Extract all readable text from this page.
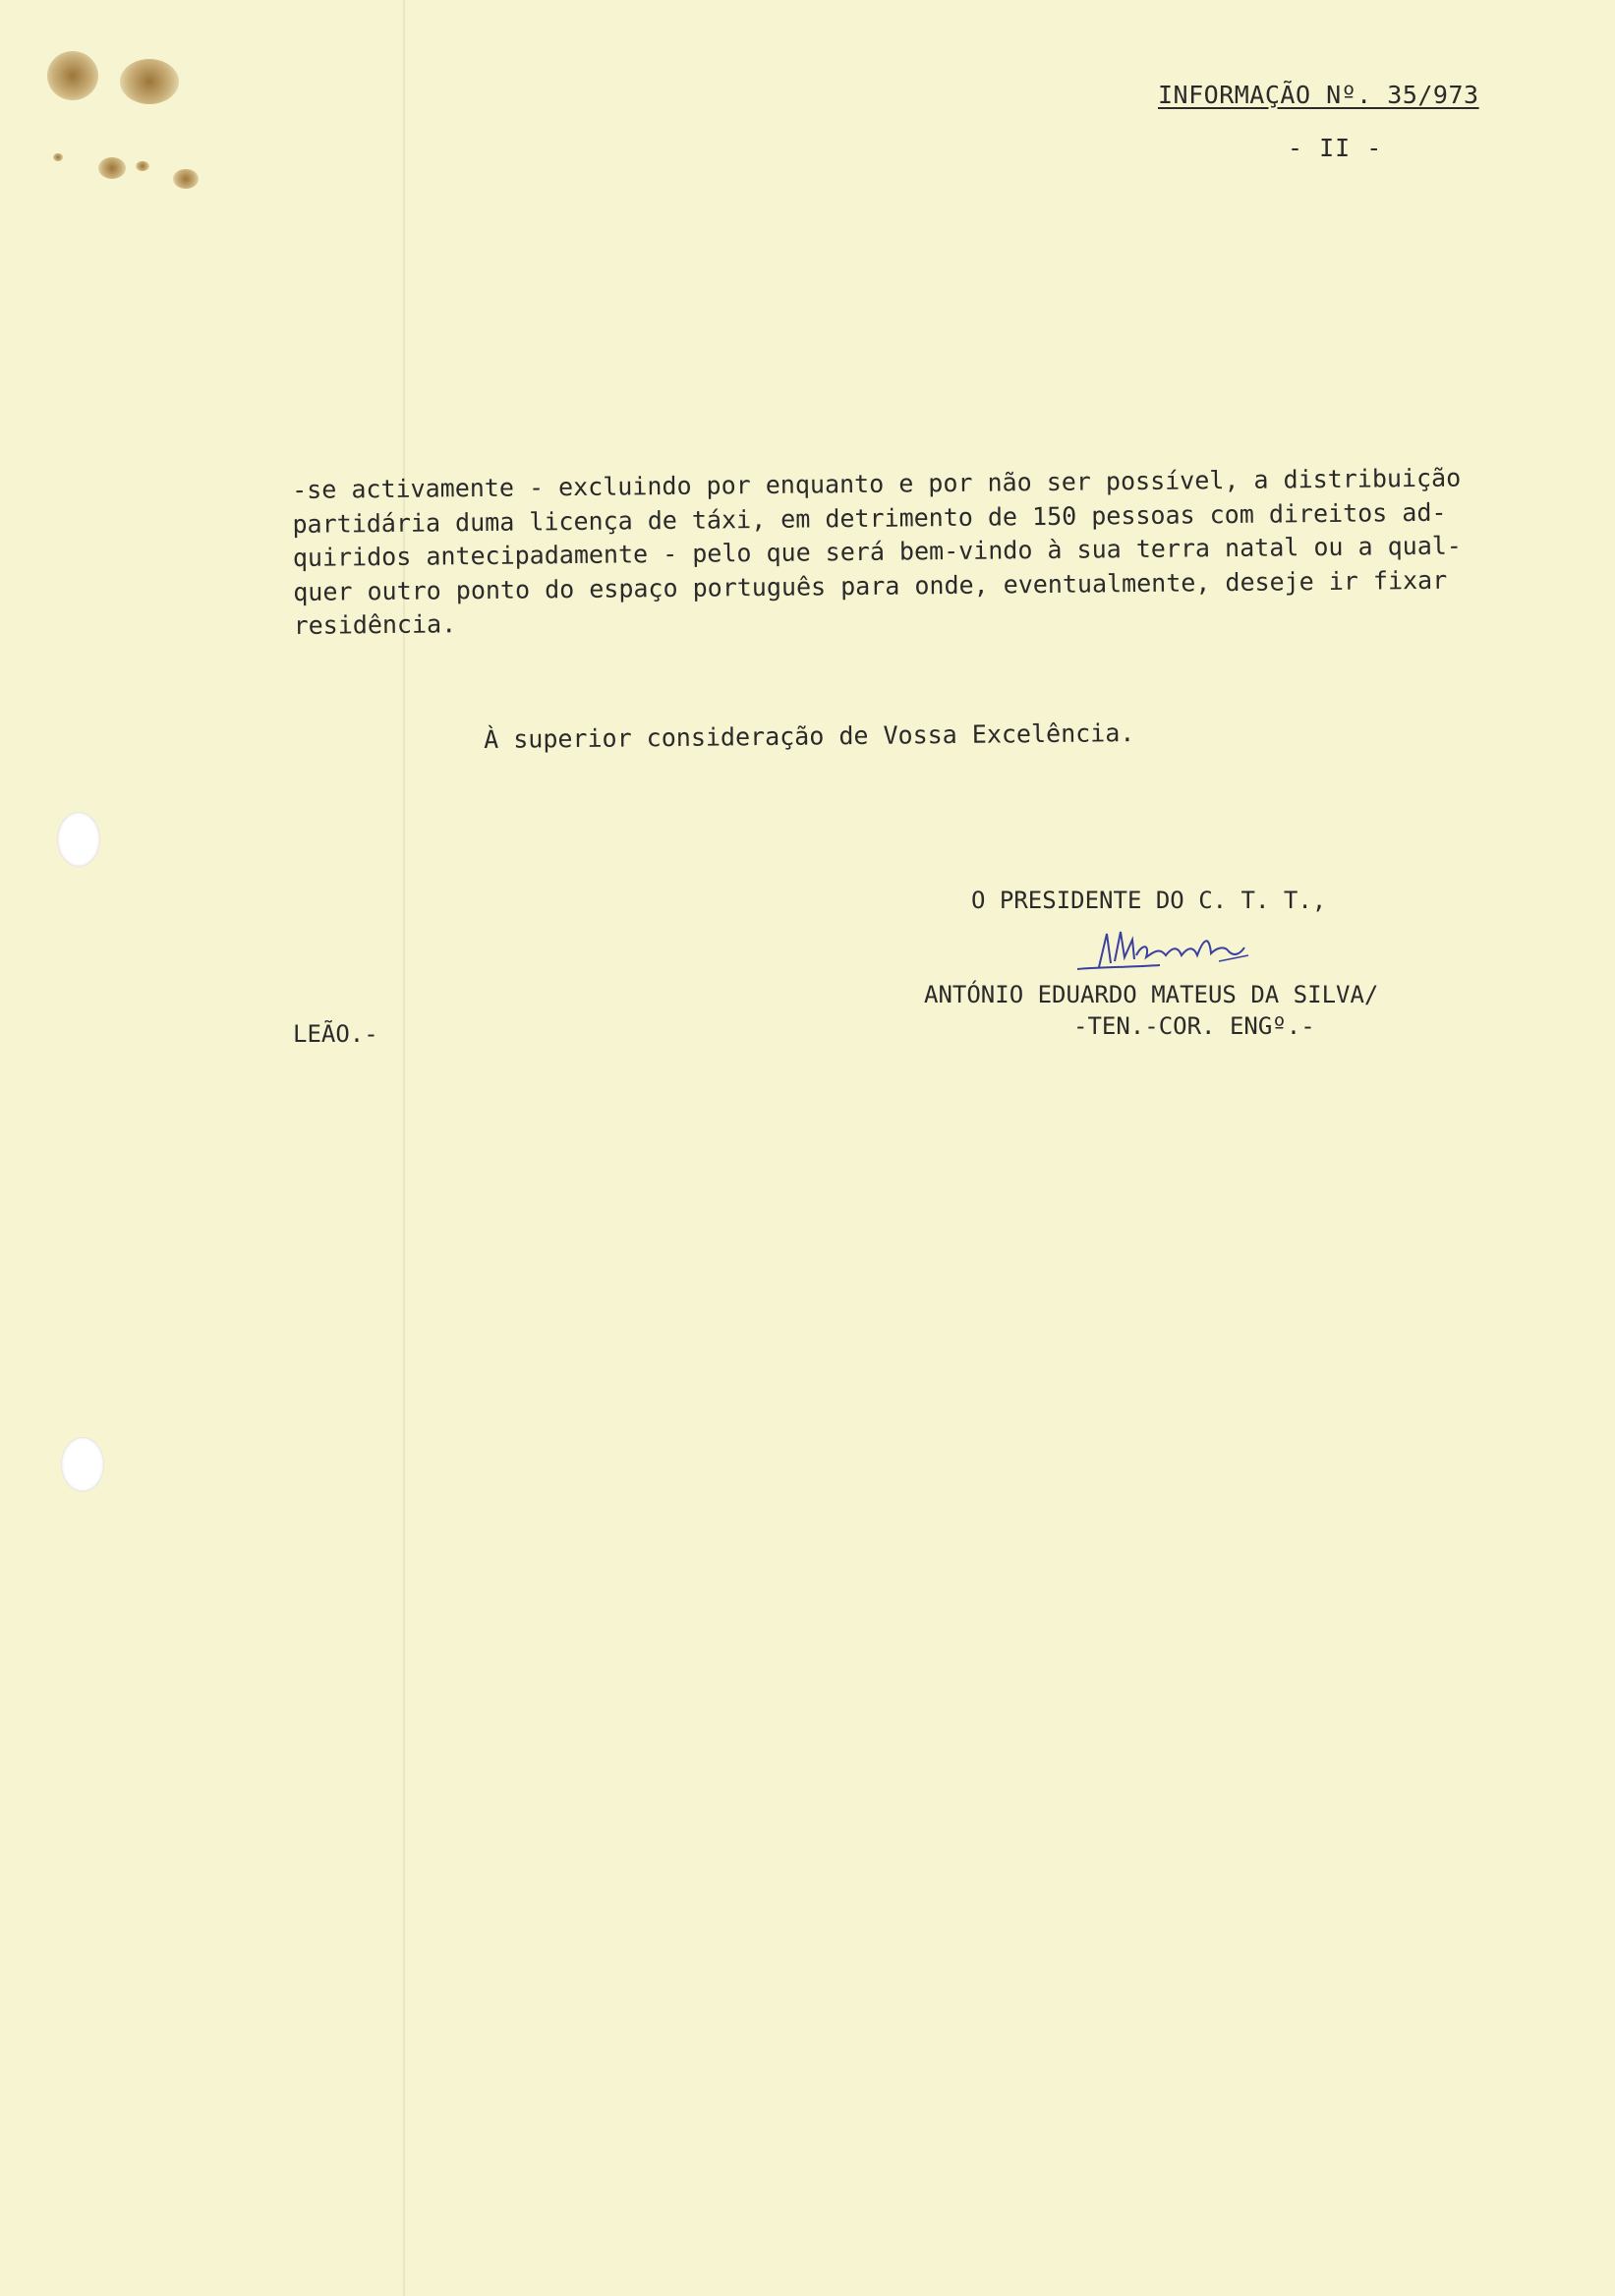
INFORMAÇÃO Nº. 35/973
- II -
-se activamente - excluindo por enquanto e por não ser possível, a distribuição
partidária duma licença de táxi, em detrimento de 150 pessoas com direitos ad-
quiridos antecipadamente - pelo que será bem-vindo à sua terra natal ou a qual-
quer outro ponto do espaço português para onde, eventualmente, deseje ir fixar
residência.
À superior consideração de Vossa Excelência.
O PRESIDENTE DO C. T. T.,
ANTÓNIO EDUARDO MATEUS DA SILVA/
-TEN.-COR. ENGº.-
LEÃO.-
